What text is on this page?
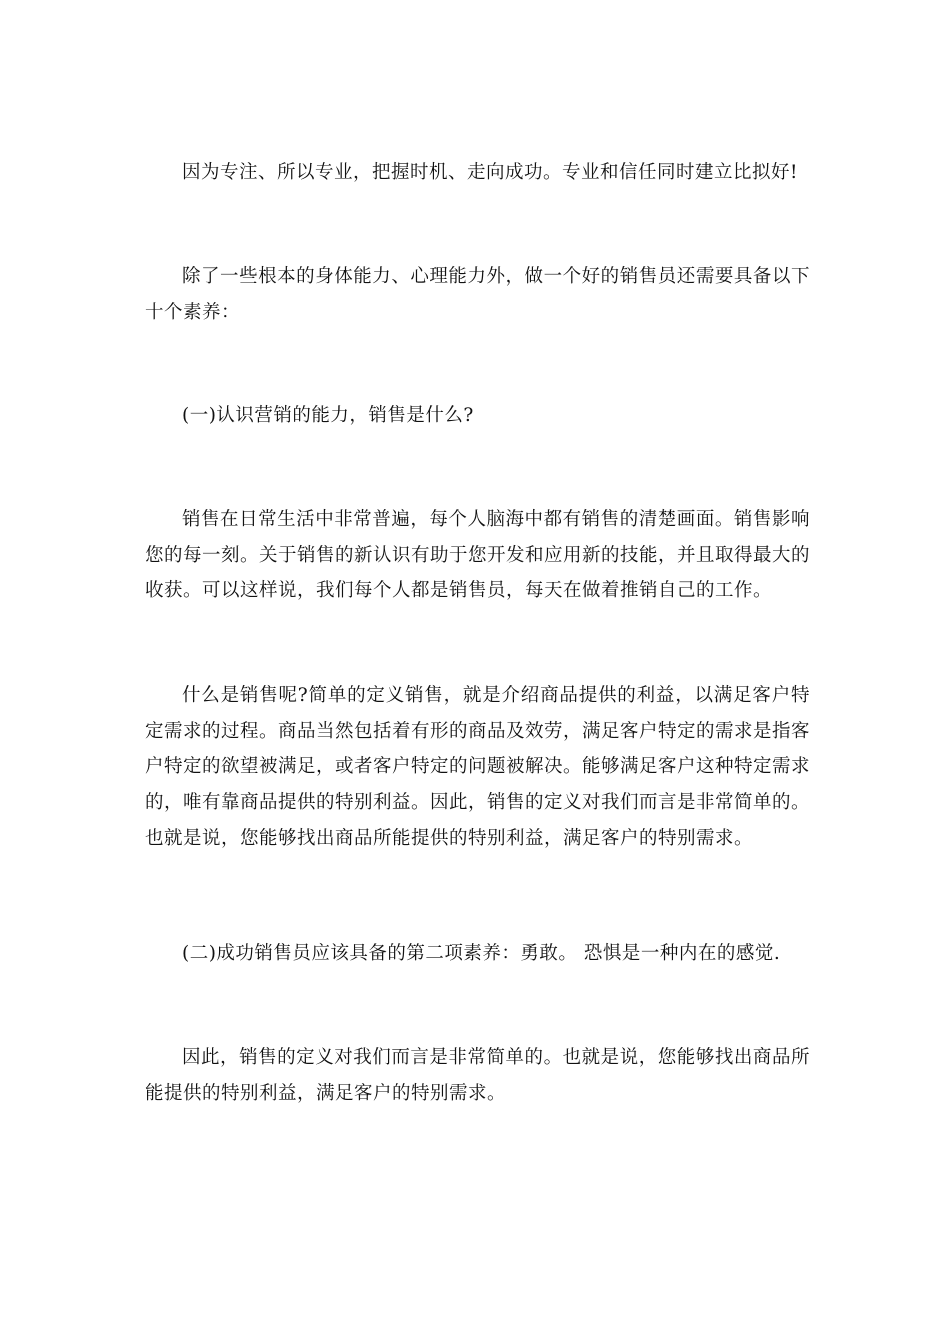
因为专注、所以专业，把握时机、走向成功。专业和信任同时建立比拟好!

除了一些根本的身体能力、心理能力外，做一个好的销售员还需要具备以下十个素养：

(一)认识营销的能力，销售是什么?

销售在日常生活中非常普遍，每个人脑海中都有销售的清楚画面。销售影响您的每一刻。关于销售的新认识有助于您开发和应用新的技能，并且取得最大的收获。可以这样说，我们每个人都是销售员，每天在做着推销自己的工作。

什么是销售呢?简单的定义销售，就是介绍商品提供的利益，以满足客户特定需求的过程。商品当然包括着有形的商品及效劳，满足客户特定的需求是指客户特定的欲望被满足，或者客户特定的问题被解决。能够满足客户这种特定需求的，唯有靠商品提供的特别利益。因此，销售的定义对我们而言是非常简单的。也就是说，您能够找出商品所能提供的特别利益，满足客户的特别需求。

(二)成功销售员应该具备的第二项素养：勇敢。 恐惧是一种内在的感觉.

因此，销售的定义对我们而言是非常简单的。也就是说，您能够找出商品所能提供的特别利益，满足客户的特别需求。
